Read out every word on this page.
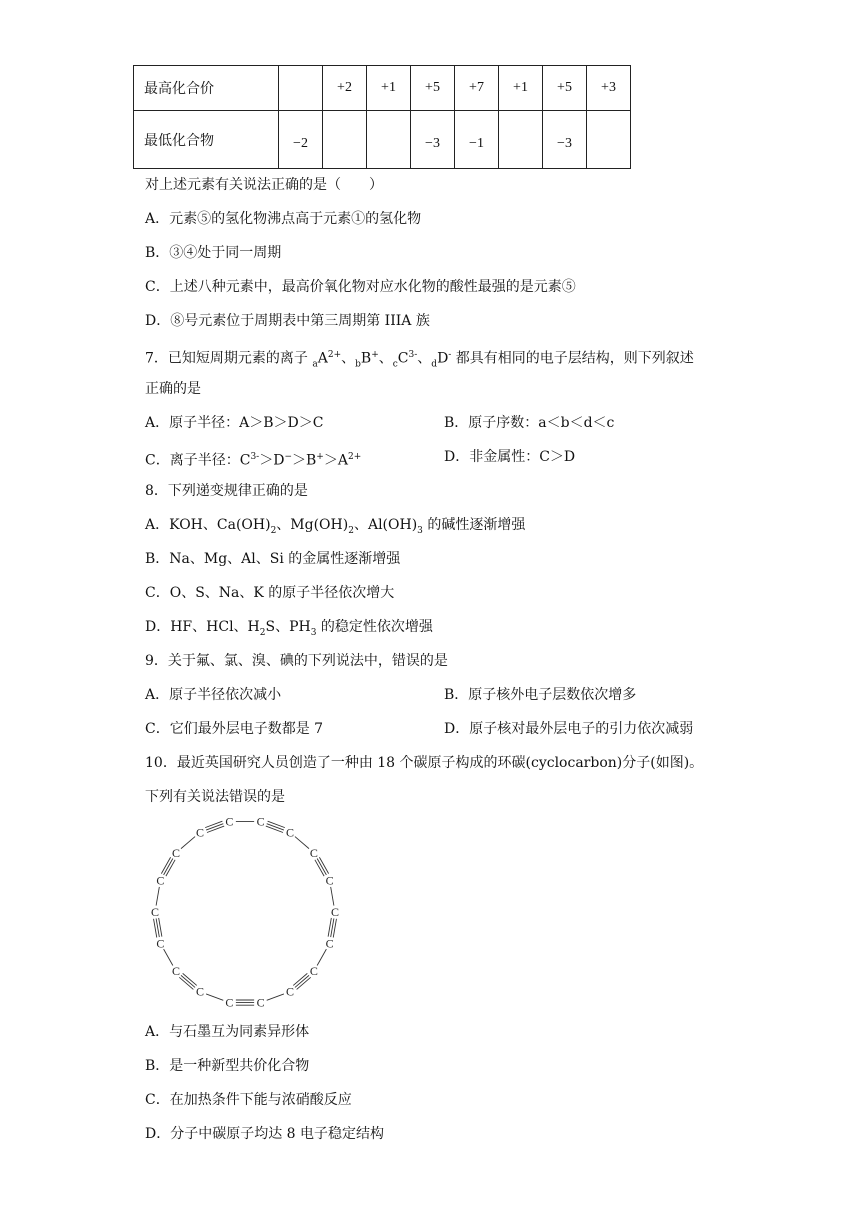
最高化合价		+2	+1	+5	+7	+1	+5	+3
最低化合物	−2			−3	−1		−3	
对上述元素有关说法正确的是（　　）
A．元素⑤的氢化物沸点高于元素①的氢化物
B．③④处于同一周期
C．上述八种元素中，最高价氧化物对应水化物的酸性最强的是元素⑤
D．⑧号元素位于周期表中第三周期第 IIIA 族
7．已知短周期元素的离子 $_aA^{2+}$、$_b$B+、$_cC^{3-}$、$_d$D- 都具有相同的电子层结构，则下列叙述
正确的是
A．原子半径：A＞B＞D＞C	B．原子序数：a＜b＜d＜c
C．离子半径：$C^{3-}>D^->B^+>A^{2+}$	D．非金属性：C＞D
8．下列递变规律正确的是
A．KOH、$Ca(OH)_2$、$Mg(OH)_2$、$Al(OH)_3$ 的碱性逐渐增强
B．Na、Mg、Al、Si 的金属性逐渐增强
C．O、S、Na、K 的原子半径依次增大
D．HF、HCl、$H_2S$、$PH_3$ 的稳定性依次增强
9．关于氟、氯、溴、碘的下列说法中，错误的是
A．原子半径依次减小	B．原子核外电子层数依次增多
C．它们最外层电子数都是 7	D．原子核对最外层电子的引力依次减弱
10．最近英国研究人员创造了一种由 18 个碳原子构成的环碳(cyclocarbon)分子(如图)。
下列有关说法错误的是
C
C
C
C
C
C
C
C
C
C
C
C
C
C
C
C
C
C
A．与石墨互为同素异形体
B．是一种新型共价化合物
C．在加热条件下能与浓硝酸反应
D．分子中碳原子均达 8 电子稳定结构
